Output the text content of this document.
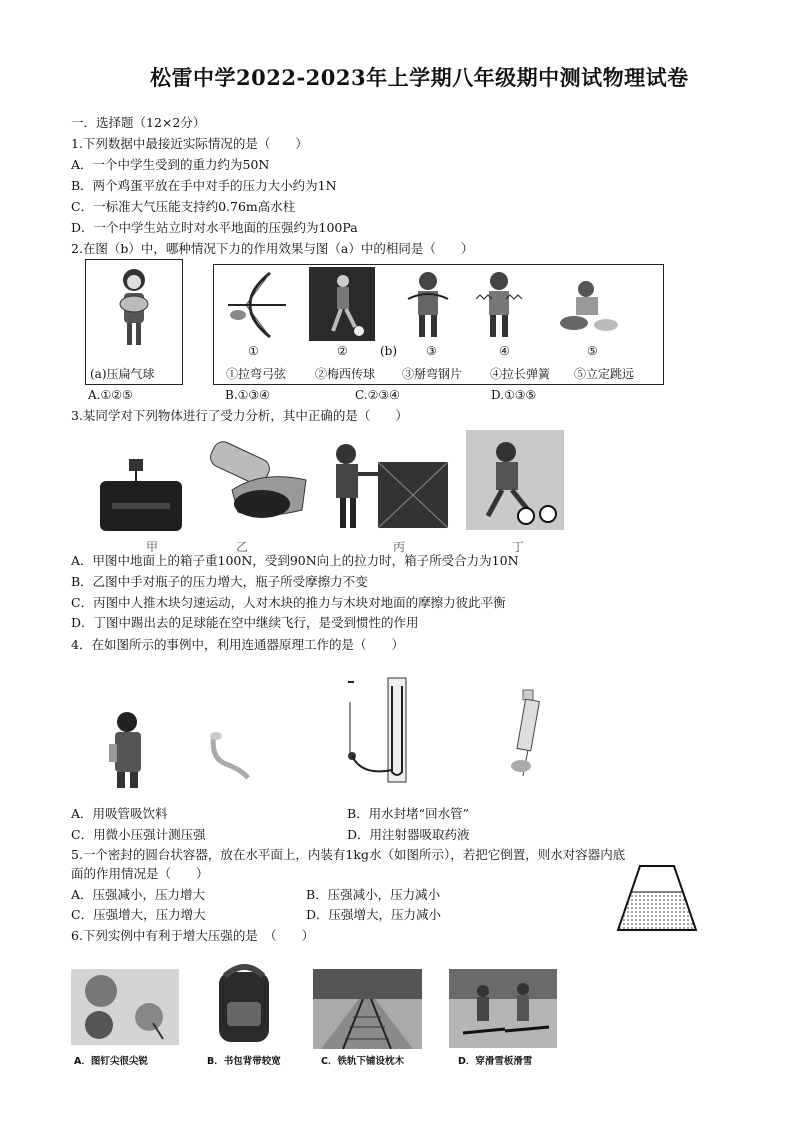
松雷中学2022-2023年上学期八年级期中测试物理试卷
一．选择题（12×2分）
1.下列数据中最接近实际情况的是（　　）
A．一个中学生受到的重力约为50N
B．两个鸡蛋平放在手中对手的压力大小约为1N
C．一标准大气压能支持约0.76m高水柱
D．一个中学生站立时对水平地面的压强约为100Pa
2.在图（b）中，哪种情况下力的作用效果与图（a）中的相同是（　　）
(a)压扁气球
①	②	(b) ③	④	⑤
①拉弯弓弦 ②梅西传球 ③掰弯钢片 ④拉长弹簧 ⑤立定跳远
A.①②⑤	B.①③④	C.②③④	D.①③⑤
3.某同学对下列物体进行了受力分析，其中正确的是（　　）
甲	乙	丙	丁
A．甲图中地面上的箱子重100N，受到90N向上的拉力时，箱子所受合力为10N
B．乙图中手对瓶子的压力增大，瓶子所受摩擦力不变
C．丙图中人推木块匀速运动，人对木块的推力与木块对地面的摩擦力彼此平衡
D．丁图中踢出去的足球能在空中继续飞行，是受到惯性的作用
4．在如图所示的事例中，利用连通器原理工作的是（　　）
A．用吸管吸饮料	B．用水封堵“回水管”
C．用微小压强计测压强	D．用注射器吸取药液
5.一个密封的圆台状容器，放在水平面上，内装有1kg水（如图所示），若把它倒置，则水对容器内底
面的作用情况是（　　）
A．压强减小，压力增大	B．压强减小，压力减小
C．压强增大，压力增大	D．压强增大，压力减小
6.下列实例中有利于增大压强的是　（　　）
A．图钉尖很尖锐	B．书包背带较宽	C．铁轨下铺设枕木	D．穿滑雪板滑雪
